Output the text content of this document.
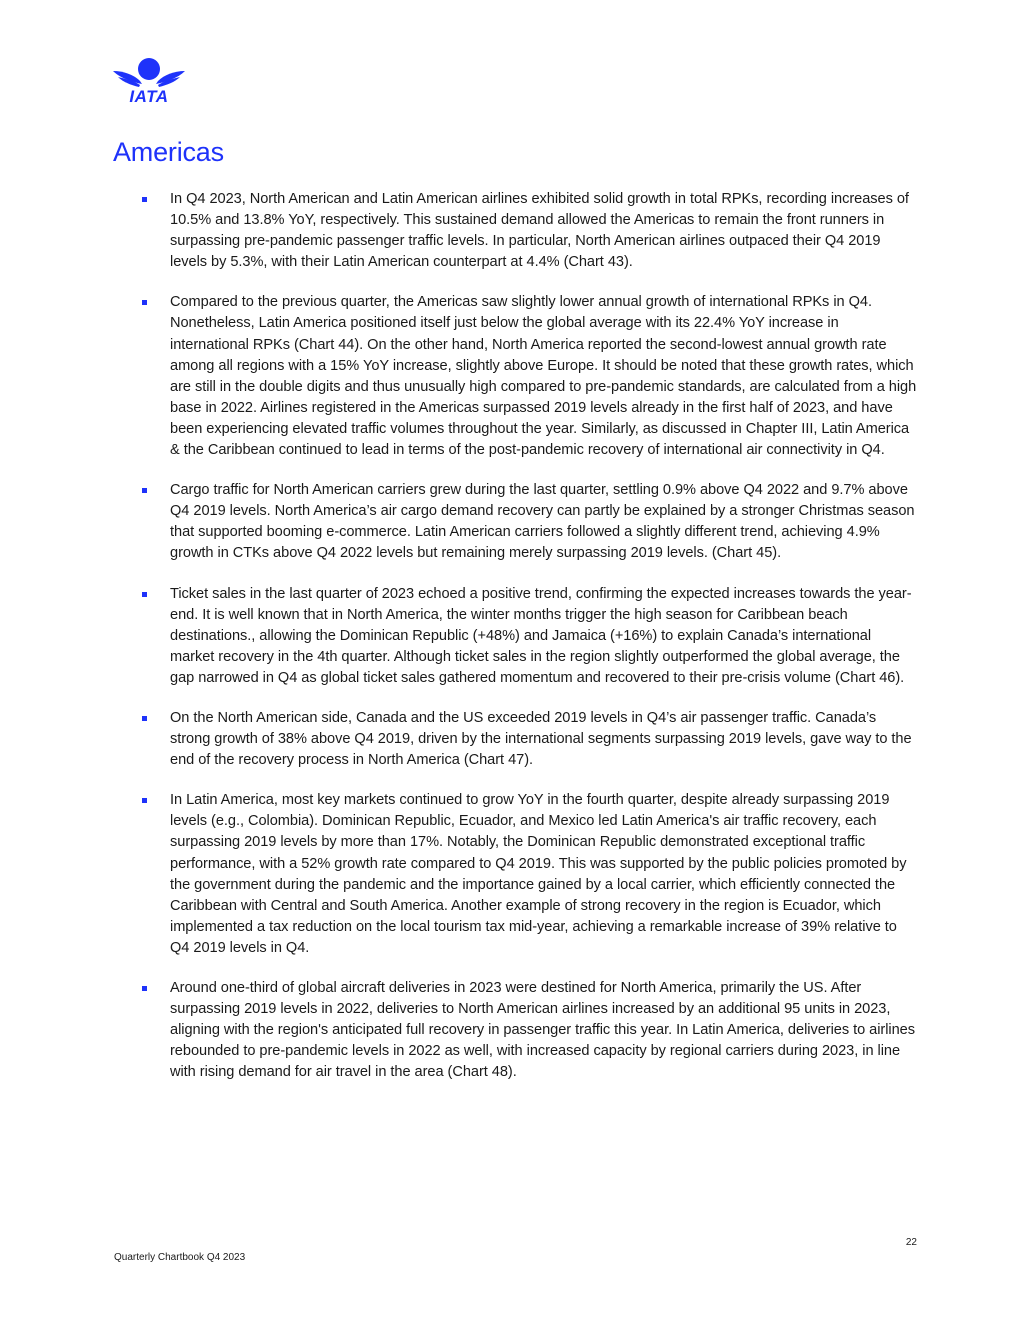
IATA
Americas
In Q4 2023, North American and Latin American airlines exhibited solid growth in total RPKs, recording increases of 10.5% and 13.8% YoY, respectively. This sustained demand allowed the Americas to remain the front runners in surpassing pre-pandemic passenger traffic levels. In particular, North American airlines outpaced their Q4 2019 levels by 5.3%, with their Latin American counterpart at 4.4% (Chart 43).
Compared to the previous quarter, the Americas saw slightly lower annual growth of international RPKs in Q4. Nonetheless, Latin America positioned itself just below the global average with its 22.4% YoY increase in international RPKs (Chart 44). On the other hand, North America reported the second-lowest annual growth rate among all regions with a 15% YoY increase, slightly above Europe. It should be noted that these growth rates, which are still in the double digits and thus unusually high compared to pre-pandemic standards, are calculated from a high base in 2022. Airlines registered in the Americas surpassed 2019 levels already in the first half of 2023, and have been experiencing elevated traffic volumes throughout the year. Similarly, as discussed in Chapter III, Latin America & the Caribbean continued to lead in terms of the post-pandemic recovery of international air connectivity in Q4.
Cargo traffic for North American carriers grew during the last quarter, settling 0.9% above Q4 2022 and 9.7% above Q4 2019 levels. North America’s air cargo demand recovery can partly be explained by a stronger Christmas season that supported booming e-commerce. Latin American carriers followed a slightly different trend, achieving 4.9% growth in CTKs above Q4 2022 levels but remaining merely surpassing 2019 levels. (Chart 45).
Ticket sales in the last quarter of 2023 echoed a positive trend, confirming the expected increases towards the year-end. It is well known that in North America, the winter months trigger the high season for Caribbean beach destinations., allowing the Dominican Republic (+48%) and Jamaica (+16%) to explain Canada’s international market recovery in the 4th quarter. Although ticket sales in the region slightly outperformed the global average, the gap narrowed in Q4 as global ticket sales gathered momentum and recovered to their pre-crisis volume (Chart 46).
On the North American side, Canada and the US exceeded 2019 levels in Q4’s air passenger traffic. Canada’s strong growth of 38% above Q4 2019, driven by the international segments surpassing 2019 levels, gave way to the end of the recovery process in North America (Chart 47).
In Latin America, most key markets continued to grow YoY in the fourth quarter, despite already surpassing 2019 levels (e.g., Colombia). Dominican Republic, Ecuador, and Mexico led Latin America's air traffic recovery, each surpassing 2019 levels by more than 17%. Notably, the Dominican Republic demonstrated exceptional traffic performance, with a 52% growth rate compared to Q4 2019. This was supported by the public policies promoted by the government during the pandemic and the importance gained by a local carrier, which efficiently connected the Caribbean with Central and South America. Another example of strong recovery in the region is Ecuador, which implemented a tax reduction on the local tourism tax mid-year, achieving a remarkable increase of 39% relative to Q4 2019 levels in Q4.
Around one-third of global aircraft deliveries in 2023 were destined for North America, primarily the US. After surpassing 2019 levels in 2022, deliveries to North American airlines increased by an additional 95 units in 2023, aligning with the region's anticipated full recovery in passenger traffic this year. In Latin America, deliveries to airlines rebounded to pre-pandemic levels in 2022 as well, with increased capacity by regional carriers during 2023, in line with rising demand for air travel in the area (Chart 48).
22
Quarterly Chartbook Q4 2023
